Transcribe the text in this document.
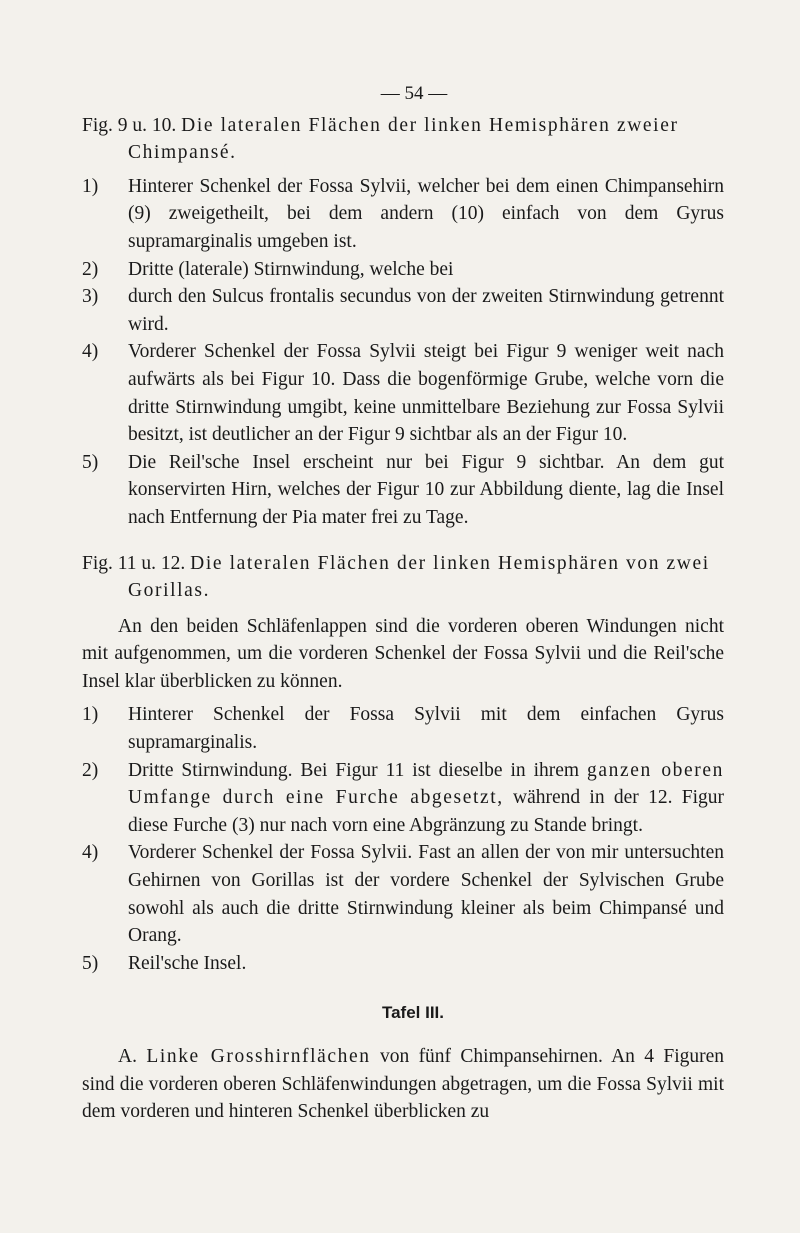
— 54 —

Fig. 9 u. 10. Die lateralen Flächen der linken Hemisphären zweier Chimpansé.

1) Hinterer Schenkel der Fossa Sylvii, welcher bei dem einen Chimpansehirn (9) zweigetheilt, bei dem andern (10) einfach von dem Gyrus supramarginalis umgeben ist.
2) Dritte (laterale) Stirnwindung, welche bei
3) durch den Sulcus frontalis secundus von der zweiten Stirnwindung getrennt wird.
4) Vorderer Schenkel der Fossa Sylvii steigt bei Figur 9 weniger weit nach aufwärts als bei Figur 10. Dass die bogenförmige Grube, welche vorn die dritte Stirnwindung umgibt, keine unmittelbare Beziehung zur Fossa Sylvii besitzt, ist deutlicher an der Figur 9 sichtbar als an der Figur 10.
5) Die Reil'sche Insel erscheint nur bei Figur 9 sichtbar. An dem gut konservirten Hirn, welches der Figur 10 zur Abbildung diente, lag die Insel nach Entfernung der Pia mater frei zu Tage.

Fig. 11 u. 12. Die lateralen Flächen der linken Hemisphären von zwei Gorillas.

An den beiden Schläfenlappen sind die vorderen oberen Windungen nicht mit aufgenommen, um die vorderen Schenkel der Fossa Sylvii und die Reil'sche Insel klar überblicken zu können.

1) Hinterer Schenkel der Fossa Sylvii mit dem einfachen Gyrus supramarginalis.
2) Dritte Stirnwindung. Bei Figur 11 ist dieselbe in ihrem ganzen oberen Umfange durch eine Furche abgesetzt, während in der 12. Figur diese Furche (3) nur nach vorn eine Abgränzung zu Stande bringt.
4) Vorderer Schenkel der Fossa Sylvii. Fast an allen der von mir untersuchten Gehirnen von Gorillas ist der vordere Schenkel der Sylvischen Grube sowohl als auch die dritte Stirnwindung kleiner als beim Chimpansé und Orang.
5) Reil'sche Insel.
Tafel III.

A. Linke Grosshirnflächen von fünf Chimpansehirnen. An 4 Figuren sind die vorderen oberen Schläfenwindungen abgetragen, um die Fossa Sylvii mit dem vorderen und hinteren Schenkel überblicken zu
